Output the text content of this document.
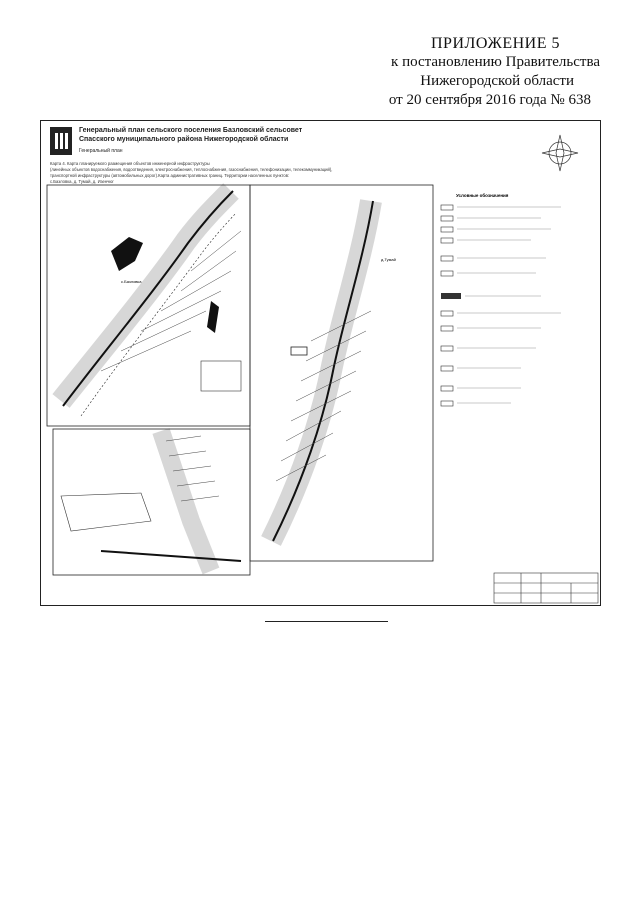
ПРИЛОЖЕНИЕ 5
к постановлению Правительства
Нижегородской области
от 20 сентября 2016 года № 638
Генеральный план сельского поселения Базловский сельсовет
Спасского муниципального района Нижегородской области
Генеральный план
Карта 4. Карта планируемого размещения объектов инженерной инфраструктуры
(линейных объектов водоснабжения, водоотведения, электроснабжения, теплоснабжения, газоснабжения, телефонизации, телекоммуникаций),
транспортной инфраструктуры (автомобильных дорог).Карта административных границ. Территории населенных пунктов:
с.Базловка, д. Тумай, д. Изенчюг
с.Базловка
д.Тумай
Условные обозначения
